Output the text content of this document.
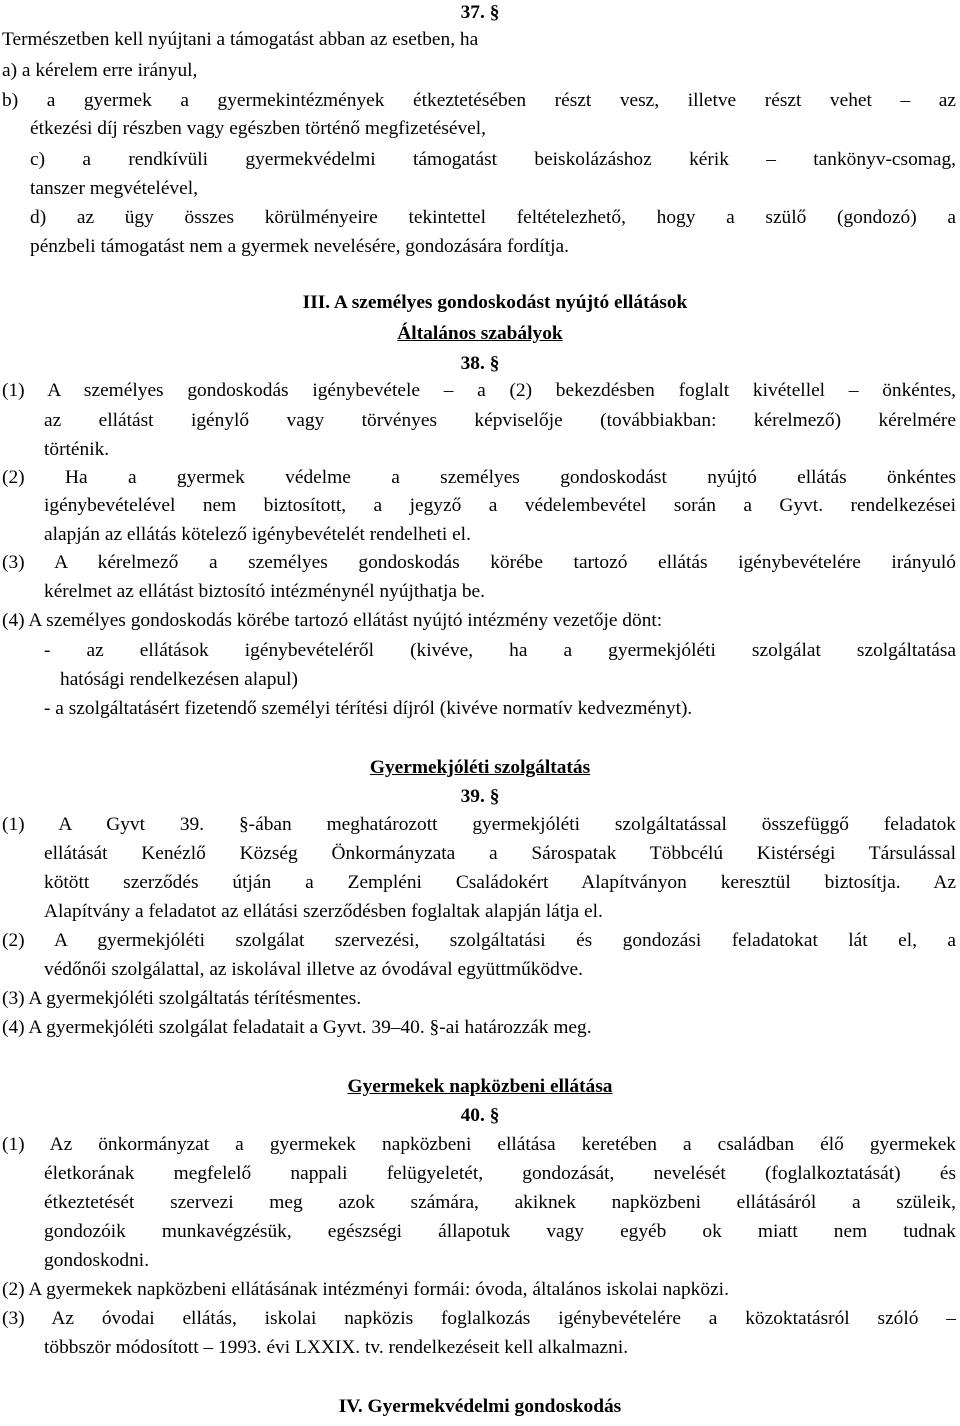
37. §
Természetben kell nyújtani a támogatást abban az esetben, ha
a) a kérelem erre irányul,
b) a gyermek a gyermekintézmények étkeztetésében részt vesz, illetve részt vehet – az
étkezési díj részben vagy egészben történő megfizetésével,
c) a rendkívüli gyermekvédelmi támogatást beiskolázáshoz kérik – tankönyv-csomag,
tanszer megvételével,
d) az ügy összes körülményeire tekintettel feltételezhető, hogy a szülő (gondozó) a
pénzbeli támogatást nem a gyermek nevelésére, gondozására fordítja.
III. A személyes gondoskodást nyújtó ellátások
Általános szabályok
38. §
(1) A személyes gondoskodás igénybevétele – a (2) bekezdésben foglalt kivétellel – önkéntes,
az ellátást igénylő vagy törvényes képviselője (továbbiakban: kérelmező) kérelmére
történik.
(2) Ha a gyermek védelme a személyes gondoskodást nyújtó ellátás önkéntes
igénybevételével nem biztosított, a jegyző a védelembevétel során a Gyvt. rendelkezései
alapján az ellátás kötelező igénybevételét rendelheti el.
(3) A kérelmező a személyes gondoskodás körébe tartozó ellátás igénybevételére irányuló
kérelmet az ellátást biztosító intézménynél nyújthatja be.
(4) A személyes gondoskodás körébe tartozó ellátást nyújtó intézmény vezetője dönt:
- az ellátások igénybevételéről (kivéve, ha a gyermekjóléti szolgálat szolgáltatása
hatósági rendelkezésen alapul)
- a szolgáltatásért fizetendő személyi térítési díjról (kivéve normatív kedvezményt).
Gyermekjóléti szolgáltatás
39. §
(1) A Gyvt 39. §-ában meghatározott gyermekjóléti szolgáltatással összefüggő feladatok
ellátását Kenézlő Község Önkormányzata a Sárospatak Többcélú Kistérségi Társulással
kötött szerződés útján a Zempléni Családokért Alapítványon keresztül biztosítja. Az
Alapítvány a feladatot az ellátási szerződésben foglaltak alapján látja el.
(2) A gyermekjóléti szolgálat szervezési, szolgáltatási és gondozási feladatokat lát el, a
védőnői szolgálattal, az iskolával illetve az óvodával együttműködve.
(3) A gyermekjóléti szolgáltatás térítésmentes.
(4) A gyermekjóléti szolgálat feladatait a Gyvt. 39–40. §-ai határozzák meg.
Gyermekek napközbeni ellátása
40. §
(1) Az önkormányzat a gyermekek napközbeni ellátása keretében a családban élő gyermekek
életkorának megfelelő nappali felügyeletét, gondozását, nevelését (foglalkoztatását) és
étkeztetését szervezi meg azok számára, akiknek napközbeni ellátásáról a szüleik,
gondozóik munkavégzésük, egészségi állapotuk vagy egyéb ok miatt nem tudnak
gondoskodni.
(2) A gyermekek napközbeni ellátásának intézményi formái: óvoda, általános iskolai napközi.
(3) Az óvodai ellátás, iskolai napközis foglalkozás igénybevételére a közoktatásról szóló –
többször módosított – 1993. évi LXXIX. tv. rendelkezéseit kell alkalmazni.
IV. Gyermekvédelmi gondoskodás
